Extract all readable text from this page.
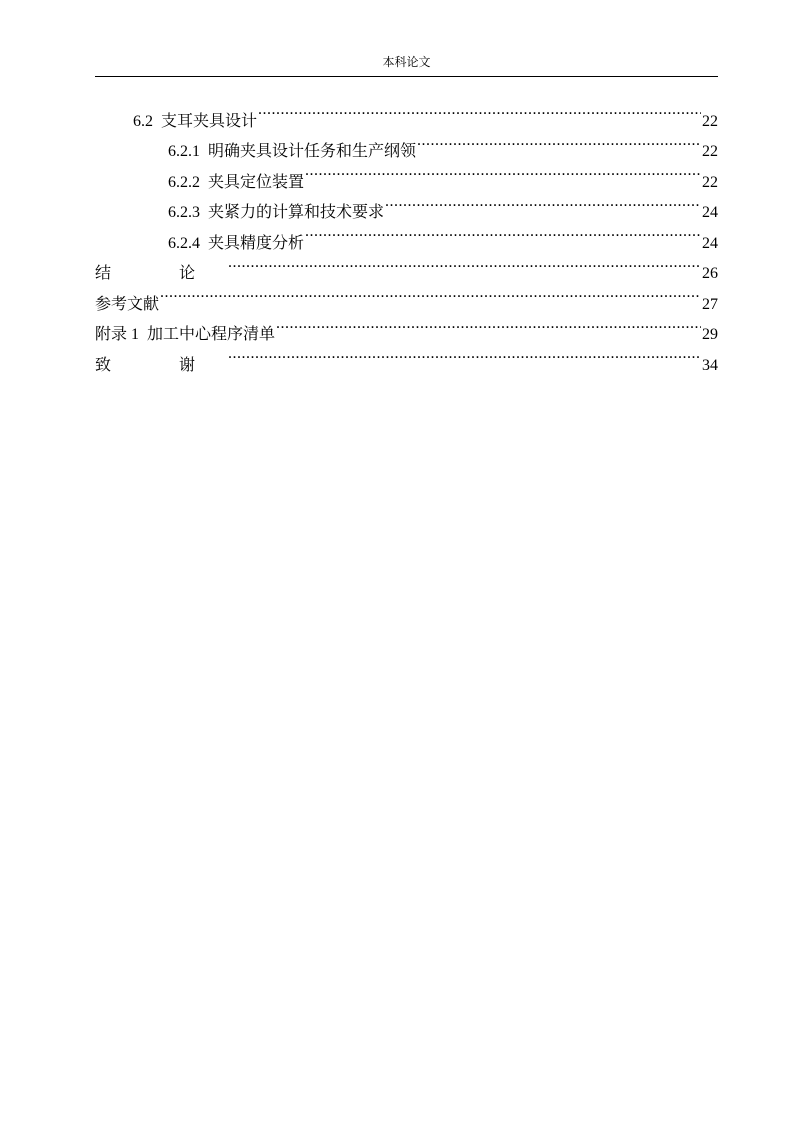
本科论文
6.2 支耳夹具设计 .....	22
6.2.1 明确夹具设计任务和生产纲领 .....	22
6.2.2 夹具定位装置 .....	22
6.2.3 夹紧力的计算和技术要求 .....	24
6.2.4 夹具精度分析 .....	24
结 论 .....	26
参考文献 .....	27
附录 1 加工中心程序清单 .....	29
致 谢 .....	34
